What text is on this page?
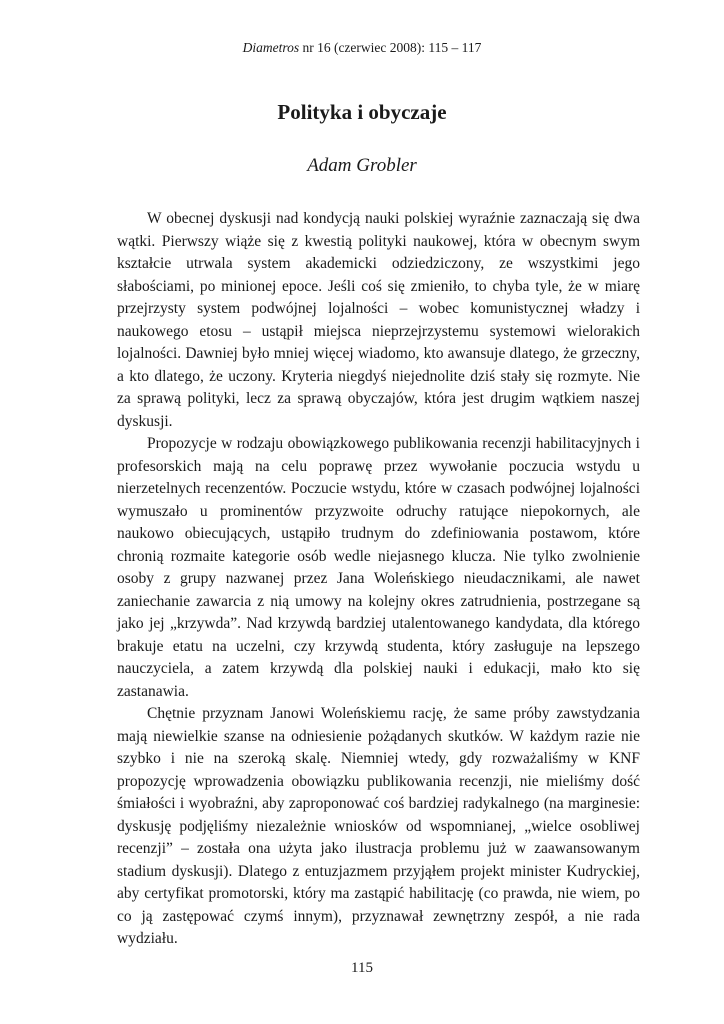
Diametros nr 16 (czerwiec 2008): 115 – 117
Polityka i obyczaje
Adam Grobler

W obecnej dyskusji nad kondycją nauki polskiej wyraźnie zaznaczają się dwa wątki. Pierwszy wiąże się z kwestią polityki naukowej, która w obecnym swym kształcie utrwala system akademicki odziedziczony, ze wszystkimi jego słabościami, po minionej epoce. Jeśli coś się zmieniło, to chyba tyle, że w miarę przejrzysty system podwójnej lojalności – wobec komunistycznej władzy i naukowego etosu – ustąpił miejsca nieprzejrzystemu systemowi wielorakich lojalności. Dawniej było mniej więcej wiadomo, kto awansuje dlatego, że grzeczny, a kto dlatego, że uczony. Kryteria niegdyś niejednolite dziś stały się rozmyte. Nie za sprawą polityki, lecz za sprawą obyczajów, która jest drugim wątkiem naszej dyskusji.

Propozycje w rodzaju obowiązkowego publikowania recenzji habilitacyjnych i profesorskich mają na celu poprawę przez wywołanie poczucia wstydu u nierzetelnych recenzentów. Poczucie wstydu, które w czasach podwójnej lojalności wymuszało u prominentów przyzwoite odruchy ratujące niepokornych, ale naukowo obiecujących, ustąpiło trudnym do zdefiniowania postawom, które chronią rozmaite kategorie osób wedle niejasnego klucza. Nie tylko zwolnienie osoby z grupy nazwanej przez Jana Woleńskiego nieudacznikami, ale nawet zaniechanie zawarcia z nią umowy na kolejny okres zatrudnienia, postrzegane są jako jej „krzywda”. Nad krzywdą bardziej utalentowanego kandydata, dla którego brakuje etatu na uczelni, czy krzywdą studenta, który zasługuje na lepszego nauczyciela, a zatem krzywdą dla polskiej nauki i edukacji, mało kto się zastanawia.

Chętnie przyznam Janowi Woleńskiemu rację, że same próby zawstydzania mają niewielkie szanse na odniesienie pożądanych skutków. W każdym razie nie szybko i nie na szeroką skalę. Niemniej wtedy, gdy rozważaliśmy w KNF propozycję wprowadzenia obowiązku publikowania recenzji, nie mieliśmy dość śmiałości i wyobraźni, aby zaproponować coś bardziej radykalnego (na marginesie: dyskusję podjęliśmy niezależnie wniosków od wspomnianej, „wielce osobliwej recenzji” – została ona użyta jako ilustracja problemu już w zaawansowanym stadium dyskusji). Dlatego z entuzjazmem przyjąłem projekt minister Kudryckiej, aby certyfikat promotorski, który ma zastąpić habilitację (co prawda, nie wiem, po co ją zastępować czymś innym), przyznawał zewnętrzny zespół, a nie rada wydziału.

115
